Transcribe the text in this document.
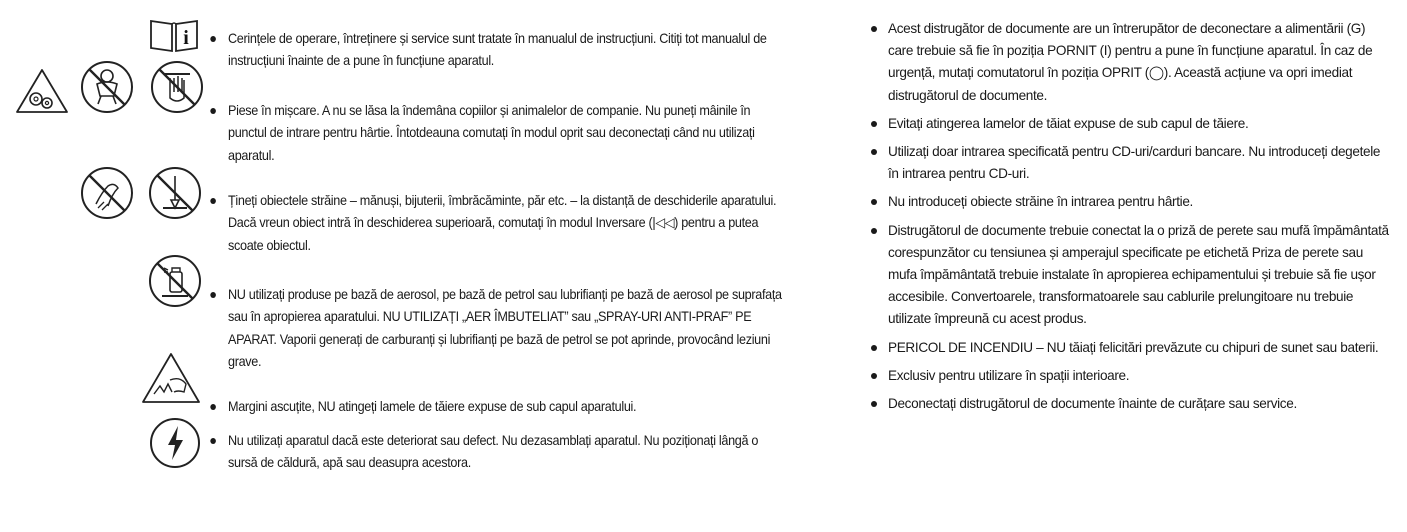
i	Cerințele de operare, întreținere și service sunt tratate în manualul de instrucțiuni. Citiți tot manualul de instrucțiuni înainte de a pune în funcțiune aparatul.
Piese în mișcare. A nu se lăsa la îndemâna copiilor și animalelor de companie. Nu puneți mâinile în punctul de intrare pentru hârtie. Întotdeauna comutați în modul oprit sau deconectați când nu utilizați aparatul.
Țineți obiectele străine – mănuși, bijuterii, îmbrăcăminte, păr etc. – la distanță de deschiderile aparatului. Dacă vreun obiect intră în deschiderea superioară, comutați în modul Inversare (|◁◁) pentru a putea scoate obiectul.
NU utilizați produse pe bază de aerosol, pe bază de petrol sau lubrifianți pe bază de aerosol pe suprafața sau în apropierea aparatului. NU UTILIZAȚI „AER ÎMBUTELIAT” sau „SPRAY-URI ANTI-PRAF” PE APARAT. Vaporii generați de carburanți și lubrifianți pe bază de petrol se pot aprinde, provocând leziuni grave.
Margini ascuțite, NU atingeți lamele de tăiere expuse de sub capul aparatului.
Nu utilizați aparatul dacă este deteriorat sau defect. Nu dezasamblați aparatul. Nu poziționați lângă o sursă de căldură, apă sau deasupra acestora.
Acest distrugător de documente are un întrerupător de deconectare a alimentării (G) care trebuie să fie în poziția PORNIT (I) pentru a pune în funcțiune aparatul. În caz de urgență, mutați comutatorul în poziția OPRIT (◯). Această acțiune va opri imediat distrugătorul de documente.
Evitați atingerea lamelor de tăiat expuse de sub capul de tăiere.
Utilizați doar intrarea specificată pentru CD-uri/carduri bancare. Nu introduceți degetele în intrarea pentru CD-uri.
Nu introduceți obiecte străine în intrarea pentru hârtie.
Distrugătorul de documente trebuie conectat la o priză de perete sau mufă împământată corespunzător cu tensiunea și amperajul specificate pe etichetă Priza de perete sau mufa împământată trebuie instalate în apropierea echipamentului și trebuie să fie ușor accesibile. Convertoarele, transformatoarele sau cablurile prelungitoare nu trebuie utilizate împreună cu acest produs.
PERICOL DE INCENDIU – NU tăiați felicitări prevăzute cu chipuri de sunet sau baterii.
Exclusiv pentru utilizare în spații interioare.
Deconectați distrugătorul de documente înainte de curățare sau service.
